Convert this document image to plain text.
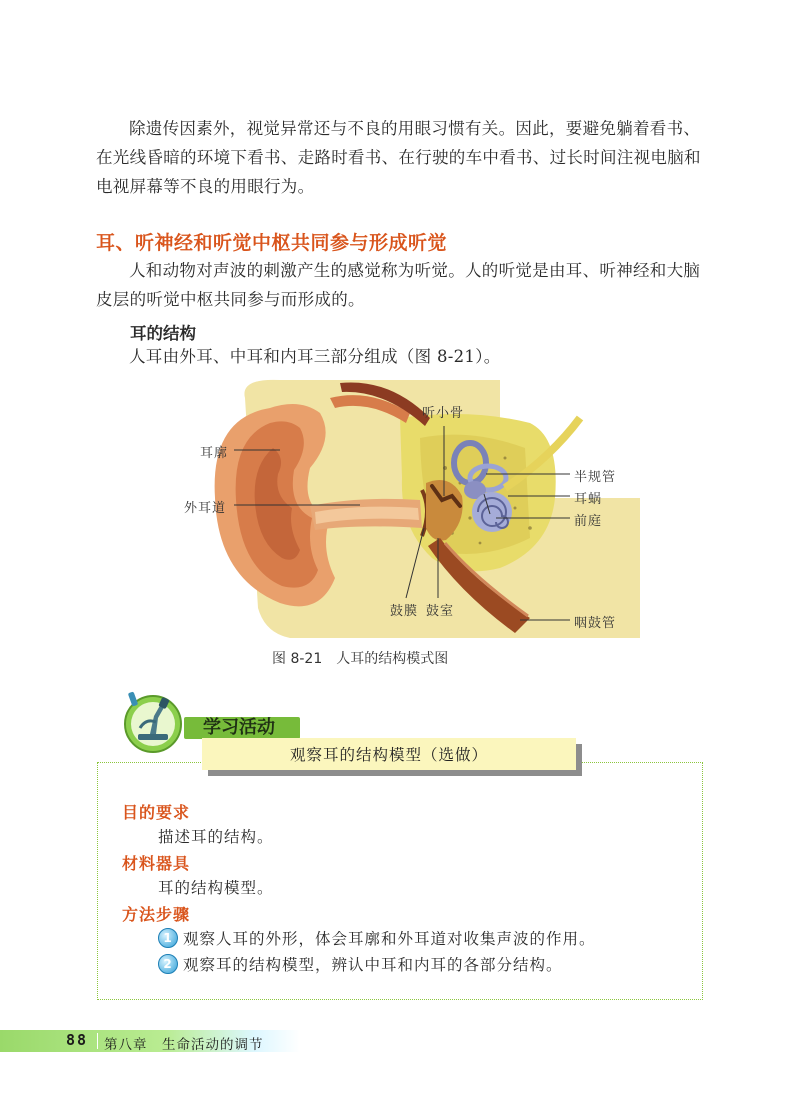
除遗传因素外，视觉异常还与不良的用眼习惯有关。因此，要避免躺着看书、在光线昏暗的环境下看书、走路时看书、在行驶的车中看书、过长时间注视电脑和电视屏幕等不良的用眼行为。

耳、听神经和听觉中枢共同参与形成听觉

人和动物对声波的刺激产生的感觉称为听觉。人的听觉是由耳、听神经和大脑皮层的听觉中枢共同参与而形成的。

耳的结构

人耳由外耳、中耳和内耳三部分组成（图 8-21）。

听小骨
耳廓
外耳道
半规管
耳蜗
前庭
鼓膜 鼓室
咽鼓管
图 8-21　人耳的结构模式图
学习活动
观察耳的结构模型（选做）
目的要求

描述耳的结构。

材料器具

耳的结构模型。

方法步骤

1 观察人耳的外形，体会耳廓和外耳道对收集声波的作用。

2 观察耳的结构模型，辨认中耳和内耳的各部分结构。

88 第八章　生命活动的调节
